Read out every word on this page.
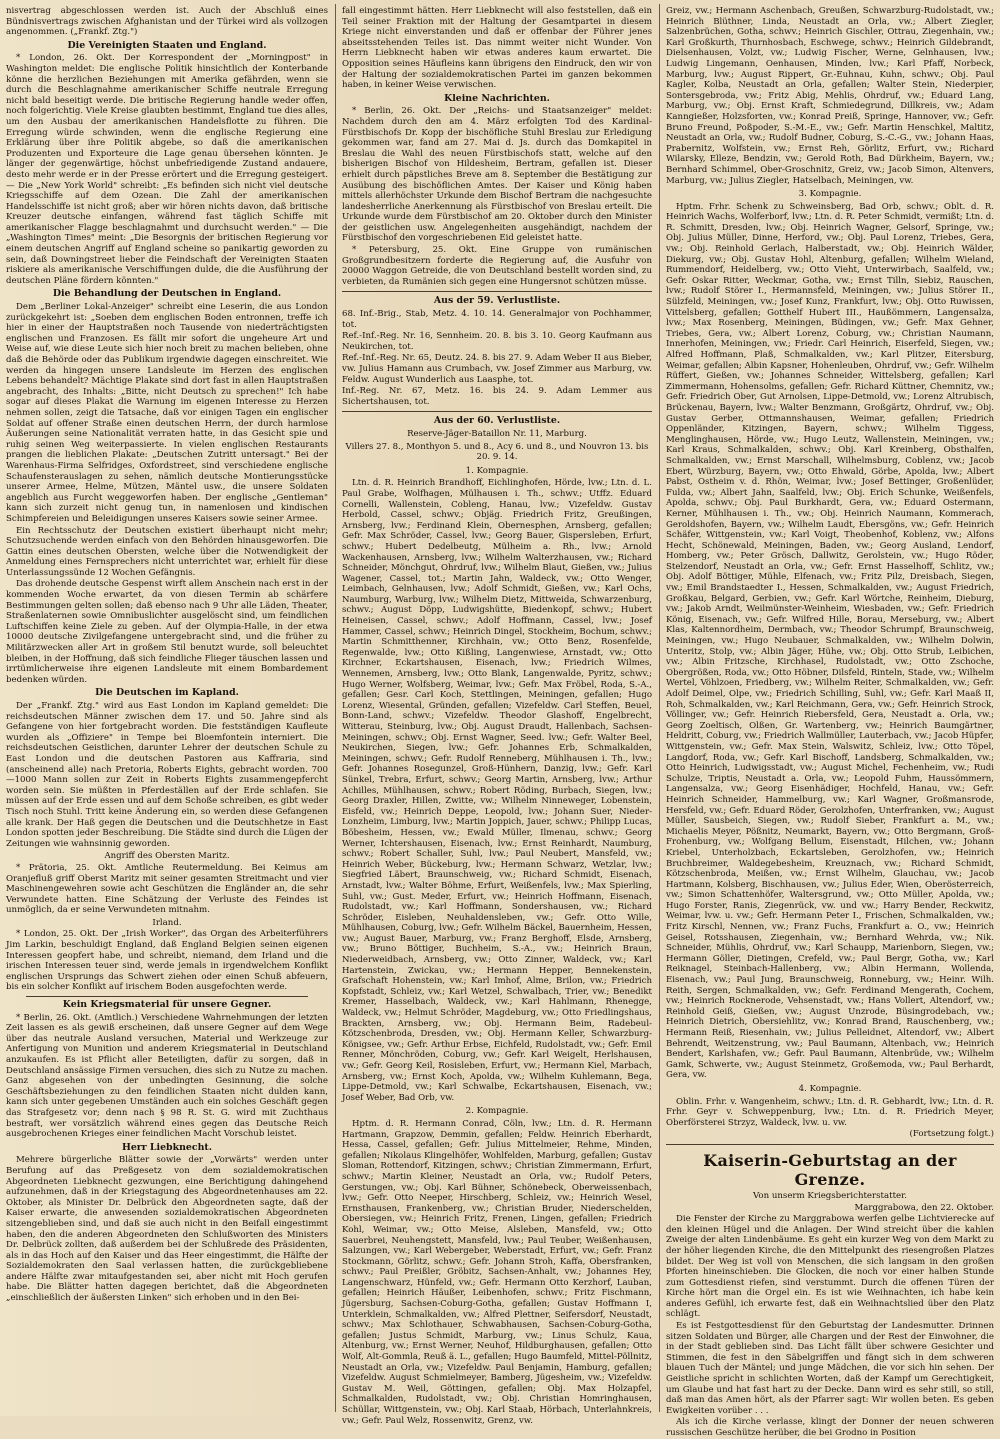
nisvertrag abgeschlossen werden ist. Auch der Abschluß eines Bündnisvertrags zwischen Afghanistan und der Türkei wird als vollzogen angenommen. („Frankf. Ztg.")

Die Vereinigten Staaten und England.

* London, 26. Okt. Der Korrespondent der „Morningpost" in Washington meldet: Die englische Politik hinsichtlich der Konterbande könne die herzlichen Beziehungen mit Amerika gefährden, wenn sie durch die Beschlagnahme amerikanischer Schiffe neutrale Erregung nicht bald beseitigt werde. Die britische Regierung handle weder offen, noch folgerichtig. Viele Kreise glaubten bestimmt, England tue dies alles, um den Ausbau der amerikanischen Handelsflotte zu führen. Die Erregung würde schwinden, wenn die englische Regierung eine Erklärung über ihre Politik abgebe, so daß die amerikanischen Produzenten und Exporteure die Lage genau übersehen könnten. Je länger der gegenwärtige, höchst unbefriedigende Zustand andauere, desto mehr werde er in der Presse erörtert und die Erregung gesteigert. — Die „New York World" schreibt: „Es befinden sich nicht viel deutsche Kriegsschiffe auf dem Ozean. Die Zahl der amerikanischen Handelsschiffe ist nicht groß; aber wir hören nichts davon, daß britische Kreuzer deutsche einfangen, während fast täglich Schiffe mit amerikanischer Flagge beschlagnahmt und durchsucht werden." — Die „Washington Times" meint: „Die Besorgnis der britischen Regierung vor einem deutschen Angriff auf England scheine so panikartig geworden zu sein, daß Downingstreet lieber die Feindschaft der Vereinigten Staaten riskiere als amerikanische Verschiffungen dulde, die die Ausführung der deutschen Pläne fördern könnten."

Die Behandlung der Deutschen in England.

Dem „Berliner Lokal-Anzeiger" schreibt eine Leserin, die aus London zurückgekehrt ist: „Soeben dem englischen Boden entronnen, treffe ich hier in einer der Hauptstraßen noch Tausende von niederträchtigsten englischen und Franzosen. Es fällt mir sofort die ungeheure Art und Weise auf, wie diese Leute sich hier noch breit zu machen belieben, ohne daß die Behörde oder das Publikum irgendwie dagegen einschreitet. Wie werden da hingegen unsere Landsleute im Herzen des englischen Lebens behandelt? Mächtige Plakate sind dort fast in allen Hauptstraßen angebracht, des Inhalts: „Bitte, nicht Deutsch zu sprechen!" Ich habe sogar auf dieses Plakat die Warnung im eigenen Interesse zu Herzen nehmen sollen, zeigt die Tatsache, daß vor einigen Tagen ein englischer Soldat auf offener Straße einen deutschen Herrn, der durch harmlose Äußerungen seine Nationalität verraten hatte, in das Gesicht spie und ruhig seinen Weg weiterpassierte. In vielen englischen Restaurants prangen die lieblichen Plakate: „Deutschen Zutritt untersagt." Bei der Warenhaus-Firma Selfridges, Oxfordstreet, sind verschiedene englische Schaufensterauslagen zu sehen, nämlich deutsche Montierungsstücke unserer Armee, Helme, Mützen, Mäntel usw., die unsere Soldaten angeblich aus Furcht weggeworfen haben. Der englische „Gentleman" kann sich zurzeit nicht genug tun, in namenlosen und kindischen Schimpfereien und Beleidigungen unseres Kaisers sowie seiner Armee.

Ein Rechtsschutz der Deutschen existiert überhaupt nicht mehr; Schutzsuchende werden einfach von den Behörden hinausgeworfen. Die Gattin eines deutschen Obersten, welche über die Notwendigkeit der Anmeldung eines Fernsprechers nicht unterrichtet war, erhielt für diese Unterlassungssünde 12 Wochen Gefängnis.

Das drohende deutsche Gespenst wirft allem Anschein nach erst in der kommenden Woche erwartet, da von diesen Termin ab schärfere Bestimmungen gelten sollen; daß ebenso nach 9 Uhr alle Läden, Theater, Straßenlaternen sowie Omnibuslichter ausgelöscht sind, um feindlichen Luftschiffen keine Ziele zu geben. Auf der Olympia-Halle, in der etwa 10000 deutsche Zivilgefangene untergebracht sind, und die früher zu Militärzwecken aller Art in großem Stil benutzt wurde, soll beleuchtet bleiben, in der Hoffnung, daß sich feindliche Flieger täuschen lassen und irrtümlicherweise ihre eigenen Landsleute mit einem Bombardement bedenken würden.

Die Deutschen im Kapland.

Der „Frankf. Ztg." wird aus East London im Kapland gemeldet: Die reichsdeutschen Männer zwischen dem 17. und 50. Jahre sind als Gefangene von hier fortgebracht worden. Die festständigen Kaufleute wurden als „Offiziere" in Tempe bei Bloemfontein interniert. Die reichsdeutschen Geistlichen, darunter Lehrer der deutschen Schule zu East London und die deutschen Pastoren aus Kaffraria, sind (anscheinend alle) nach Pretoria, Roberts Eights, gebracht worden. 700—1000 Mann sollen zur Zeit in Roberts Eights zusammengepfercht worden sein. Sie müßten in Pferdeställen auf der Erde schlafen. Sie müssen auf der Erde essen und auf dem Schoße schreiben, es gibt weder Tisch noch Stuhl. Tritt keine Änderung ein, so werden diese Gefangenen alle krank. Der Haß gegen die Deutschen und die Deutschhetze in East London spotten jeder Beschreibung. Die Städte sind durch die Lügen der Zeitungen wie wahnsinnig geworden.

Angriff des Obersten Maritz.

* Prätoria, 25. Okt. Amtliche Reutermeldung. Bei Keimus am Oranjefluß griff Oberst Maritz mit seiner gesamten Streitmacht und vier Maschinengewehren sowie acht Geschützen die Engländer an, die sehr Verwundete hatten. Eine Schätzung der Verluste des Feindes ist unmöglich, da er seine Verwundeten mitnahm.

Irland.

* London, 25. Okt. Der „Irish Worker", das Organ des Arbeiterführers Jim Larkin, beschuldigt England, daß England Belgien seinen eigenen Interessen geopfert habe, und schreibt, niemand, dem Irland und die irischen Interessen teuer sind, werde jemals in irgendwelchem Konflikt englischen Ursprungs das Schwert ziehen oder einen Schuß abfeuern, bis ein solcher Konflikt auf irischem Boden ausgefochten werde.

Kein Kriegsmaterial für unsere Gegner.

* Berlin, 26. Okt. (Amtlich.) Verschiedene Wahrnehmungen der letzten Zeit lassen es als gewiß erscheinen, daß unsere Gegner auf dem Wege über das neutrale Ausland versuchen, Material und Werkzeuge zur Anfertigung von Munition und anderem Kriegsmaterial in Deutschland anzukaufen. Es ist Pflicht aller Beteiligten, dafür zu sorgen, daß in Deutschland ansässige Firmen versuchen, dies sich zu Nutze zu machen. Ganz abgesehen von der unbedingten Gesinnung, die solche Geschäftsbeziehungen zu den feindlichen Staaten nicht dulden kann, kann sich unter gegebenen Umständen auch ein solches Geschäft gegen das Strafgesetz vor; denn nach § 98 R. St. G. wird mit Zuchthaus bestraft, wer vorsätzlich während eines gegen das Deutsche Reich ausgebrochenen Krieges einer feindlichen Macht Vorschub leistet.

Herr Liebknecht.

Mehrere bürgerliche Blätter sowie der „Vorwärts" werden unter Berufung auf das Preßgesetz von dem sozialdemokratischen Abgeordneten Liebknecht gezwungen, eine Berichtigung dahingehend aufzunehmen, daß in der Kriegstagung des Abgeordnetenhauses am 22. Oktober, als Minister Dr. Delbrück den Abgeordneten sagte, daß der Kaiser erwarte, die anwesenden sozialdemokratischen Abgeordneten sitzengeblieben sind, und daß sie auch nicht in den Beifall eingestimmt haben, den die anderen Abgeordneten den Schlußworten des Ministers Dr. Delbrück zollten, daß außerdem bei der Schlußrede des Präsidenten, als in das Hoch auf den Kaiser und das Heer eingestimmt, die Hälfte der Sozialdemokraten den Saal verlassen hatten, die zurückgebliebene andere Hälfte zwar mitaufgestanden sei, aber nicht mit Hoch gerufen habe. Die Blätter hatten dagegen berichtet, daß die Abgeordneten „einschließlich der äußersten Linken" sich erhoben und in den Bei-

fall eingestimmt hätten. Herr Liebknecht will also feststellen, daß ein Teil seiner Fraktion mit der Haltung der Gesamtpartei in diesem Kriege nicht einverstanden und daß er offenbar der Führer jenes abseitsstehenden Teiles ist. Das nimmt weiter nicht Wunder. Von Herrn Liebknecht haben wir etwas anderes kaum erwartet. Die Opposition seines Häufleins kann übrigens den Eindruck, den wir von der Haltung der sozialdemokratischen Partei im ganzen bekommen haben, in keiner Weise verwischen.

Kleine Nachrichten.

* Berlin, 26. Okt. Der „Reichs- und Staatsanzeiger" meldet: Nachdem durch den am 4. März erfolgten Tod des Kardinal-Fürstbischofs Dr. Kopp der bischöfliche Stuhl Breslau zur Erledigung gekommen war, fand am 27. Mai d. Js. durch das Domkapitel in Breslau die Wahl des neuen Fürstbischofs statt, welche auf den bisherigen Bischof von Hildesheim, Bertram, gefallen ist. Dieser erhielt durch päpstliches Breve am 8. September die Bestätigung zur Ausübung des bischöflichen Amtes. Der Kaiser und König haben mittels allerhöchster Urkunde dem Bischof Bertram die nachgesuchte landesherrliche Anerkennung als Fürstbischof von Breslau erteilt. Die Urkunde wurde dem Fürstbischof am 20. Oktober durch den Minister der geistlichen usw. Angelegenheiten ausgehändigt, nachdem der Fürstbischof den vorgeschriebenen Eid geleistet hatte.

* Petersburg, 25. Okt. Eine Gruppe von rumänischen Großgrundbesitzern forderte die Regierung auf, die Ausfuhr von 20000 Waggon Getreide, die von Deutschland bestellt worden sind, zu verbieten, da Rumänien sich gegen eine Hungersnot schützen müsse.

Aus der 59. Verlustliste.

68. Inf.-Brig., Stab, Metz. 4. 10. 14. Generalmajor von Pochhammer, tot.

Ref.-Inf.-Reg. Nr. 16, Sennheim. 20. 8. bis 3. 10. Georg Kaufmann aus Neukirchen, tot.

Ref.-Inf.-Reg. Nr. 65, Deutz. 24. 8. bis 27. 9. Adam Weber II aus Bieber, vw. Julius Hamann aus Crumbach, vw. Josef Zimmer aus Marburg, vw. Feldw. August Wunderlich aus Laasphe, tot.

Inf.-Reg. Nr. 67, Metz. 16. bis 24. 9. Adam Lemmer aus Sichertshausen, tot.

Aus der 60. Verlustliste.
Reserve-Jäger-Bataillon Nr. 11, Marburg.
Villers 27. 8., Monthyon 5. und 8., Acy 6. und 8., und Nouvron 13. bis 20. 9. 14.
1. Kompagnie.

Ltn. d. R. Heinrich Brandhoff, Eichlinghofen, Hörde, lvw.; Ltn. d. L. Paul Grabe, Wolfhagen, Mülhausen i. Th., schwv.; Utffz. Eduard Cornelli, Wallenstein, Cobleng, Hanau, lvw.; Vizefeldw. Gustav Herbold, Cassel, schwv.; Objäg. Friedrich Fritz, Greußingen, Arnsberg, lvw.; Ferdinand Klein, Obernesphen, Arnsberg, gefallen; Gefr. Max Schröder, Cassel, lvw.; Georg Bauer, Gispersleben, Erfurt, schwv.; Hubert Dedelbeutg, Mülheim a. Rh., lvw.; Arnold Wackenhausen, Arnsberg, lvw.; Wilhelm Walterzhausen, vw.; Richard Schneider, Mönchgut, Ohrdruf, lvw.; Wilhelm Blaut, Gießen, vw.; Julius Wagener, Cassel, tot.; Martin Jahn, Waldeck, vw.; Otto Wenger, Leimbach, Gelnhausen, lvw.; Adolf Schmidt, Gießen, vw.; Karl Ochs, Naumburg, Warburg, lvw.; Wilhelm Dietz, Mittweida, Schwarzenburg, schwv.; August Döpp, Ludwigshütte, Biedenkopf, schwv.; Hubert Heineisen, Cassel, schwv.; Adolf Hoffmann, Cassel, lvw.; Josef Hammer, Cassel, schwv.; Heinrich Dingel, Stockheim, Bochum, schwv.; Martin Schmitthenner, Kirchhain, vw.; Otto Benz, Rosenfelde, Regenwalde, lvw.; Otto Kißling, Langenwiese, Arnstadt, vw.; Otto Kirchner, Eckartshausen, Eisenach, lvw.; Friedrich Wilmes, Wennemen, Arnsberg, lvw.; Otto Blank, Langenwalde, Pyritz, schwv.; Hugo Werner, Wolfsberg, Weimar, lvw.; Gefr. Max Fröbel, Roda, S.-A., gefallen; Gesr. Carl Koch, Stettlingen, Meiningen, gefallen; Hugo Lorenz, Wiesental, Gründen, gefallen; Vizefeldw. Carl Steffen, Beuel, Bonn-Land, schwv.; Vizefeldw. Theodor Glashoff, Engelbrecht, Witterau, Steinburg, lvw.; Obj. August Draudt, Hallenbach, Sachsen-Meiningen, schwv.; Obj. Ernst Wagner, Seed. lvw.; Gefr. Walter Beel, Neukirchen, Siegen, lvw.; Gefr. Johannes Erb, Schmalkalden, Meiningen, schwv.; Gefr. Rudolf Renneberg, Mühlhausen i. Th., lvw.; Gefr. Johannes Rosegunzel, Groß-Hünhern, Danzig, lvw.; Gefr. Karl Sünkel, Trebra, Erfurt, schwv.; Georg Martin, Arnsberg, lvw.; Arthur Achilles, Mühlhausen, schwv.; Robert Röding, Burbach, Siegen, lvw.; Georg Draxler, Hillen, Zwitte, vw.; Wilhelm Ninneweger, Lobenstein, Eisfeld, vw.; Heinrich Deppe, Leopold, lvw.; Johann Suer, Nieder-Lonzheim, Limburg, lvw.; Martin Joppich, Jauer, schwv.; Philipp Lucas, Böbesheim, Hessen, vw.; Ewald Müller, Ilmenau, schwv.; Georg Werner, Ichtershausen, Eisenach, lvw.; Ernst Reinhardt, Naumburg, schwv.; Robert Schaller, Suhl, lvw.; Paul Neubert, Mansfeld, vw.; Heinrich Weber, Bückeburg, lvw.; Hermann Schwarz, Wetzlar, lvw.; Siegfried Läbert, Braunschweig, vw.; Richard Schmidt, Eisenach, Arnstadt, lvw.; Walter Böhme, Erfurt, Weißenfels, lvw.; Max Spierling, Suhl, vw.; Gust. Meder, Erfurt, vw.; Heinrich Hoffmann, Eisenach, Rudolstadt, vw.; Karl Hoffmann, Sondershausen, vw.; Richard Schröder, Eisleben, Neuhaldensleben, vw.; Gefr. Otto Wille, Mühlhausen, Coburg, lvw.; Gefr. Wilhelm Bäckel, Bauernheim, Hessen, vw.; August Bauer, Marburg, vw.; Franz Berghoff, Elsde, Arnsberg, vw.; Bruno Böttiger, Buchheim, S.-A., vw.; Heinrich Braun, Niederweidbach, Arnsberg, vw.; Otto Zinner, Waldeck, vw.; Karl Hartenstein, Zwickau, vw.; Hermann Hepper, Bennekenstein, Grafschaft Hohenstein, vw.; Karl Imhof, Alme, Brilon, vw.; Friedrich Kopfstadt, Schleiz, vw.; Karl Wetzel, Schwalbach, Trier, vw.; Benedikt Kremer, Hasselbach, Waldeck, vw.; Karl Hahlmann, Rhenegge, Waldeck, vw.; Helmut Schröder, Magdeburg, vw.; Otto Friedlingshaus, Brackten, Arnsberg, vw.; Obj. Hermann Beim, Radebeul-Kötzschenbroda, Dresden, vw.; Obj. Hermann Keller, Schwarzburg-Königsee, vw.; Gefr. Arthur Erbse, Eichfeld, Rudolstadt, vw.; Gefr. Emil Renner, Mönchröden, Coburg, vw.; Gefr. Karl Weigelt, Herlshausen, vw.; Gefr. Georg Keil, Rosisleben, Erfurt, vw.; Hermann Kiel, Marbach, Arnsberg, vw.; Ernst Koch, Apolda, vw.; Wilhelm Kuhlemann, Bega, Lippe-Detmold, vw.; Karl Schwalbe, Eckartshausen, Eisenach, vw.; Josef Weber, Bad Orb, vw.

2. Kompagnie.

Hptm. d. R. Hermann Conrad, Cöln, lvw.; Ltn. d. R. Hermann Hartmann, Grapzow, Demmin, gefallen; Feldw. Heinrich Eberhardt, Hessa, Cassel, gefallen; Gefr. Julius Mittelmeier, Rehme, Minden, gefallen; Nikolaus Klingelhöfer, Wohlfelden, Marburg, gefallen; Gustav Sloman, Rottendorf, Kitzingen, schwv.; Christian Zimmermann, Erfurt, schwv.; Martin Kleiner, Neustadt an Orla, vw.; Rudolf Peters, Gerstungen, vw.; Obj. Karl Bühner, Schönebeck, Oberweissenbach, lvw.; Gefr. Otto Neeper, Hirschberg, Schleiz, vw.; Heinrich Wesel, Ernsthausen, Frankenberg, vw.; Christian Bruder, Niederschelden, Obersiegen, vw.; Heinrich Fritz, Frenen, Lingen, gefallen; Friedrich Kohl, Weimar, vw.; Otto Meise, Alsleben, Mansfeld, vw.; Otto Sauerbrei, Neuhengstett, Mansfeld, lvw.; Paul Teuber, Weißenhausen, Salzungen, vw.; Karl Webergeber, Weberstadt, Erfurt, vw.; Gefr. Franz Stockmann, Görlitz, schwv.; Gefr. Johann Stroh, Kaffa, Obersfranken, schwv.; Paul Preißler, Gröbitz, Sachsen-Anhalt, vw.; Johannes Hey, Langenschwarz, Hünfeld, vw.; Gefr. Hermann Otto Kerzhorf, Lauban, gefallen; Heinrich Häußer, Leibenhofen, schwv.; Fritz Fischmann, Jügersburg, Sachsen-Coburg-Gotha, gefallen; Gustav Hoffmann I, Unterklein, Schmalkalden, vw.; Alfred Plettner, Seifersdorf, Neustadt, schwv.; Max Schlothauer, Schwabhausen, Sachsen-Coburg-Gotha, gefallen; Justus Schmidt, Marburg, vw.; Linus Schulz, Kaua, Altenburg, vw.; Ernst Werner, Neuhof, Hildburghausen, gefallen; Otto Wolf, Alt-Gommla, Reuß ä. L., gefallen; Hugo Baumfeld, Mittel-Pöllnitz, Neustadt an Orla, vw.; Vizefeldw. Paul Benjamin, Hamburg, gefallen; Vizefeldw. August Schmielmeyer, Bamberg, Jügesheim, vw.; Vizefeldw. Gustav M. Weil, Göttingen, gefallen; Obj. Max Holzapfel, Schmalkalden, Rudolstadt, vw.; Obj. Christian Homringhausen, Schüllar, Wittgenstein, vw.; Obj. Karl Staab, Hörbach, Unterlahnkreis, vw.; Gefr. Paul Welz, Rossenwitz, Grenz, vw.

Greiz, vw.; Hermann Aschenbach, Greußen, Schwarzburg-Rudolstadt, vw.; Heinrich Blüthner, Linda, Neustadt an Orla, vw.; Albert Ziegler, Salzenbrüchen, Gotha, schwv.; Heinrich Gischler, Ottrau, Ziegenhain, vw.; Karl Großkurth, Thurnhosbach, Eschwege, schwv.; Heinrich Gildebrandt, Dielsenhausen, Volzt, vw.; Ludwig Fischer, Werne, Gelnhausen, lvw.; Ludwig Lingemann, Oenhausen, Minden, lvw.; Karl Pfaff, Norbeck, Marburg, lvw.; August Rippert, Gr.-Euhnau, Kuhn, schwv.; Obj. Paul Kagler, Kolba, Neustadt an Orla, gefallen; Walter Stein, Niederpier, Sontersgebroda, vw.; Fritz Abig, Mehlis, Ohrdruf, vw.; Eduard Lang, Marburg, vw.; Obj. Ernst Kraft, Schmiedegrund, Dillkreis, vw.; Adam Kanngießer, Holzsforten, vw.; Konrad Preiß, Springe, Hannover, vw.; Gefr. Bruno Freund, Poßpoder, S.-M.-E., vw.; Gefr. Martin Henschkel, Maltitz, Neustadt an Orla, vw.; Rudolf Budner, Coburg, S.-C.-G., vw.; Johann Haas, Prabernitz, Wolfstein, vw.; Ernst Reh, Görlitz, Erfurt, vw.; Richard Wilarsky, Elleze, Bendzin, vw.; Gerold Roth, Bad Dürkheim, Bayern, vw.; Bernhard Schimmel, Ober-Groschnitz, Greiz, vw.; Jacob Simon, Altenvers, Marburg, vw.; Julius Ziegler, Hatselbach, Meiningen, vw.

3. Kompagnie.

Hptm. Frhr. Schenk zu Schweinsberg, Bad Orb, schwv.; Oblt. d. R. Heinrich Wachs, Wolferborf, lvw.; Ltn. d. R. Peter Schmidt, vermißt; Ltn. d. R. Schmitt, Dresden, lvw.; Obj. Heinrich Wagner, Gelsorf, Springe, vw.; Obj. Julius Müller, Dinne, Herford, vw.; Obj. Paul Lorenz, Triebes, Gera, vw.; Obj. Reinhold Gerlach, Halberstadt, vw.; Obj. Heinrich Wälder, Diekurg, vw.; Obj. Gustav Hohl, Altenburg, gefallen; Wilhelm Wieland, Rummendorf, Heidelberg, vw.; Otto Vieht, Unterwirbach, Saalfeld, vw.; Gefr. Oskar Ritter, Weckmar, Gotha, vw.; Ernst Tilln, Siebiz, Rauschen, lvw.; Rudolf Störer I., Hermannsfeld, Meiningen, vw.; Julius Störer II., Sülzfeld, Meiningen, vw.; Josef Kunz, Frankfurt, lvw.; Obj. Otto Ruwissen, Vittelsberg, gefallen; Gotthelf Hubert III., Haußömmern, Langensalza, lvw.; Max Rosenberg, Meiningen, Büdingen, vw.; Gefr. Max Gehner, Triebes, Gera, vw.; Albert Lorenz, Coburg, vw.; Christian Naumann, Innerhofen, Meiningen, vw.; Friedr. Carl Heinrich, Eiserfeld, Siegen, vw.; Alfred Hoffmann, Plaß, Schmalkalden, vw.; Karl Plitzer, Eitersburg, Weimar, gefallen; Albin Kapsner, Hohenleuben, Ohrdruf, vw.; Gefr. Wilhelm Rüffert, Gießen, vw.; Johannes Schneider, Wittelsberg, gefallen; Karl Zimmermann, Hohensolms, gefallen; Gefr. Richard Küttner, Chemnitz, vw.; Gefr. Friedrich Ober, Gut Arnolsen, Lippe-Detmold, vw.; Lorenz Altrubisch, Brückenau, Bayern, lvw.; Walter Benzmann, Großgärtz, Ohrdruf, vw.; Obj. Gustav Gerber, Ottmannshausen, Weimar, gefallen; Friedrich Oppenländer, Kitzingen, Bayern, schwv.; Wilhelm Tiggess, Menglinghausen, Hörde, vw.; Hugo Leutz, Wallenstein, Meiningen, vw.; Karl Kraus, Schmalkalden, schwv.; Obj. Karl Kreinberg, Obsthalfen, Schmalkalden, vw.; Ernst Marschall, Wilhelmsburg, Coblenz, vw.; Jacob Ebert, Würzburg, Bayern, vw.; Otto Ehwald, Görbe, Apolda, lvw.; Albert Pabst, Ostheim v. d. Rhön, Weimar, lvw.; Josef Bettinger, Großenlüder, Fulda, vw.; Albert Jahn, Saalfeld, lvw.; Obj. Erich Schunke, Weißenfels, Apolda, schwv.; Obj. Paul Burkhardt, Gera, vw.; Eduard Ostermann, Kerner, Mühlhausen i. Th., vw.; Obj. Heinrich Naumann, Kommerach, Geroldshofen, Bayern, vw.; Wilhelm Laudt, Ebersgöns, vw.; Gefr. Heinrich Schäfer, Wittgenstein, vw.; Karl Voigt, Theobenhof, Koblenz, vw.; Alfons Hecht, Schönewald, Meiningen, Baden, vw.; Georg Ausland, Lendorf, Homberg, vw.; Peter Grösch, Dallwitz, Gerolstein, vw.; Hugo Röder, Stelzendorf, Neustadt an Orla, vw.; Gefr. Ernst Hasselhoff, Schlitz, vw.; Obj. Adolf Böttiger, Mühle, Elfenach, vw.; Fritz Pilz, Dreisbach, Siegen, vw.; Emil Brandstaedter I., Hessen, Schmalkalden, vw.; August Friedrich, Großkau, Belgard, Gerbien, vw.; Gefr. Karl Wörtche, Reinheim, Dieburg, vw.; Jakob Arndt, Weilmünster-Weinheim, Wiesbaden, vw.; Gefr. Friedrich König, Eisenach, vw.; Gefr. Wilfred Hille, Borau, Merseburg, vw.; Albert Klas, Kaltennordheim, Dermbach, vw.; Theodor Schrumpf, Braunschweig, Meiningen, vw.; Hugo Neubauer, Schmalkalden, vw.; Wilhelm Dolwin, Unteritz, Stolp, vw.; Albin Jäger, Hühe, vw.; Obj. Otto Strub, Leibichen, vw.; Albin Fritzsche, Kirchhasel, Rudolstadt, vw.; Otto Zschoche, Obergrößen, Roda, vw.; Otto Höbner, Dilsfeld, Rinteln, Stade, vw.; Wilhelm Wertel, Vöhlzoen, Friedberg, vw.; Wilhelm Reiter, Schmalkalden, vw.; Gefr. Adolf Deimel, Olpe, vw.; Friedrich Schilling, Suhl, vw.; Gefr. Karl Maaß II, Roh, Schmalkalden, vw.; Karl Reichmann, Gera, vw.; Gefr. Heinrich Strock, Völlinger, vw.; Gefr. Heinrich Riebersfeld, Gera, Neustadt a. Orla, vw.; Georg Zoeltisch, Olßen, Gr. Wartenberg, vw.; Heinrich Baumgärtner, Heldritt, Coburg, vw.; Friedrich Wallmüller, Lauterbach, vw.; Jacob Hüpfer, Wittgenstein, vw.; Gefr. Max Stein, Walswitz, Schleiz, lvw.; Otto Töpel, Langdorf, Roda, vw.; Gefr. Karl Bischoff, Landsberg, Schmalkalden, vw.; Otto Heinrich, Ludwigsstadt, vw.; August Michel, Fechenheim, vw.; Rudi Schulze, Triptis, Neustadt a. Orla, vw.; Leopold Fuhm, Haussömmern, Langensalza, vw.; Georg Eisenhädiger, Hochfeld, Hanau, vw.; Gefr. Heinrich Schneider, Hammelburg, vw.; Karl Wagner, Großmansrode, Hersfeld, vw.; Gefr. Eduard Röder, Gerolzhofen, Unterfranken, vw.; August Müller, Sausbeich, Siegen, vw.; Rudolf Sieber, Frankfurt a. M., vw.; Michaelis Meyer, Pößnitz, Neumarkt, Bayern, vw.; Otto Bergmann, Groß-Frohenburg, vw.; Wolfgang Bellum, Eisenstadt, Hilchen, vw.; Johann Kriebel, Unterholzbach, Eckartsleben, Gerolzhofen, vw.; Heinrich Bruchbreimer, Waldegebesheim, Kreuznach, vw.; Richard Schmidt, Kötzschenbroda, Meißen, vw.; Ernst Wilhelm, Glauchau, vw.; Jacob Hartmann, Kolsberg, Bischhausen, vw.; Julius Eder, Wien, Oberösterreich, vw.; Simon Schattenhöfer, Waltersgrund, vw.; Otto Müller, Apolda, vw.; Hugo Forster, Ranis, Ziegenrück, vw. und vw.; Harry Bender, Reckwitz, Weimar, lvw. u. vw.; Gefr. Hermann Peter I., Frischen, Schmalkalden, vw.; Fritz Kirschl, Nennen, vw.; Franz Fuchs, Frankfurt a. O., vw.; Heinrich Geisel, Rotsshausen, Ziegenhain, vw.; Bernhard Wehrda, vw.; Nik. Schneider, Mühlis, Ohrdruf, vw.; Karl Schaupp, Marienborn, Siegen, vw.; Hermann Göller, Dietingen, Crefeld, vw.; Paul Bergr, Gotha, vw.; Karl Reiknagel, Steinbach-Hallenberg, vw.; Albin Hermann, Wollenda, Eisenach, vw.; Paul Jung, Braunschweig, Ronneburg, vw.; Heinr. Wilh. Reith, Sergen, Schmalkalden, vw.; Gefr. Ferdinand Mengerath, Cochem, vw.; Heinrich Rocknerode, Vehsenstadt, vw.; Hans Vollert, Altendorf, vw.; Reinhold Geiß, Gießen, vw.; August Unzrode, Büsingrodebach, vw.; Heinrich Dietrich, Obersiehlitz, vw.; Konrad Brand, Rauschenberg, vw.; Hermann Reiß, Riesenhain, vw.; Julius Pelleidnet, Altendorf, vw.; Albert Behrendt, Weitzenstrung, vw.; Paul Baumann, Altenbach, vw.; Heinrich Bendert, Karlshafen, vw.; Gefr. Paul Baumann, Altenbrüde, vw.; Wilhelm Gamk, Schwerte, vw.; August Steinmetz, Großemoda, vw.; Paul Berhardt, Gera, vw.

4. Kompagnie.

Oblin. Frhr. v. Wangenheim, schwv.; Ltn. d. R. Gebhardt, lvw.; Ltn. d. R. Frhr. Geyr v. Schweppenburg, lvw.; Ltn. d. R. Friedrich Meyer, Oberförsterei Strzyz, Waldeck, lvw. u. vw.

(Fortsetzung folgt.)

Kaiserin-Geburtstag an der Grenze.
Von unserm Kriegsberichterstatter.

Marggrabowa, den 22. Oktober.

Die Fenster der Kirche zu Marggrabowa werfen gelbe Lichtvierecke auf den kleinen Hügel und die Anlagen. Der Wind streicht über die kahlen Zweige der alten Lindenbäume. Es geht ein kurzer Weg von dem Markt zu der höher liegenden Kirche, die den Mittelpunkt des riesengroßen Platzes bildet. Der Weg ist voll von Menschen, die sich langsam in den großen Pforten hineinschieben. Die Glocken, die noch vor einer halben Stunde zum Gottesdienst riefen, sind verstummt. Durch die offenen Türen der Kirche hört man die Orgel ein. Es ist wie Weihnachten, ich habe kein anderes Gefühl, ich erwarte fest, daß ein Weihnachtslied über den Platz schlägt.

Es ist Festgottesdienst für den Geburtstag der Landesmutter. Drinnen sitzen Soldaten und Bürger, alle Chargen und der Rest der Einwohner, die in der Stadt geblieben sind. Das Licht fällt über schwere Gesichter und Stimmen, die fest in den Säbelgriffen und fängt sich in dem schweren blauen Tuch der Mäntel; und junge Mädchen, die vor sich hin sehen. Der Geistliche spricht in schlichten Worten, daß der Kampf um Gerechtigkeit, um Glaube und hat fast hart zu der Decke. Dann wird es sehr still, so still, daß man das Amen hört, als der Pfarrer sagt: Wir wollen beten. Es geben Ewigkeiten vorüber . . .

Als ich die Kirche verlasse, klingt der Donner der neuen schweren russischen Geschütze herüber, die bei Grodno in Position
